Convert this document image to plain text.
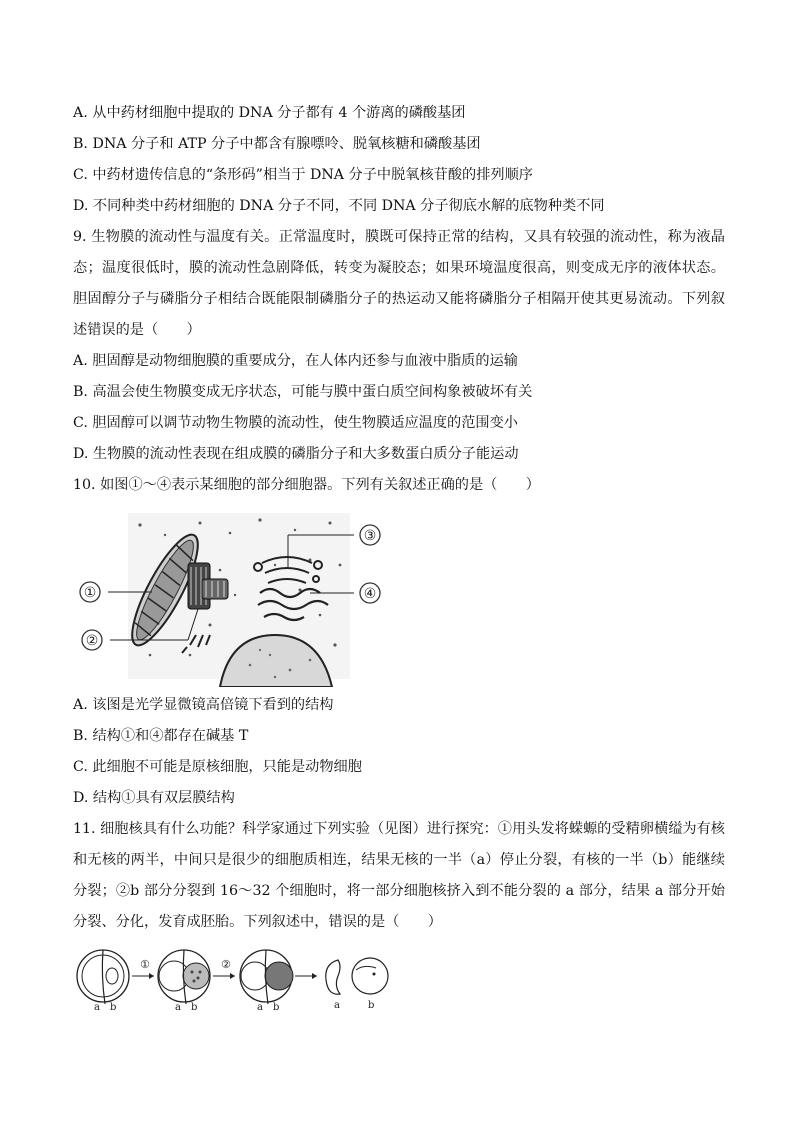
A. 从中药材细胞中提取的 DNA 分子都有 4 个游离的磷酸基团
B. DNA 分子和 ATP 分子中都含有腺嘌呤、脱氧核糖和磷酸基团
C. 中药材遗传信息的“条形码”相当于 DNA 分子中脱氧核苷酸的排列顺序
D. 不同种类中药材细胞的 DNA 分子不同，不同 DNA 分子彻底水解的底物种类不同
9. 生物膜的流动性与温度有关。正常温度时，膜既可保持正常的结构，又具有较强的流动性，称为液晶态；温度很低时，膜的流动性急剧降低，转变为凝胶态；如果环境温度很高，则变成无序的液体状态。胆固醇分子与磷脂分子相结合既能限制磷脂分子的热运动又能将磷脂分子相隔开使其更易流动。下列叙述错误的是（　　）
A. 胆固醇是动物细胞膜的重要成分，在人体内还参与血液中脂质的运输
B. 高温会使生物膜变成无序状态，可能与膜中蛋白质空间构象被破坏有关
C. 胆固醇可以调节动物生物膜的流动性，使生物膜适应温度的范围变小
D. 生物膜的流动性表现在组成膜的磷脂分子和大多数蛋白质分子能运动
10. 如图①～④表示某细胞的部分细胞器。下列有关叙述正确的是（　　）
①
②
③
④
A. 该图是光学显微镜高倍镜下看到的结构
B. 结构①和④都存在碱基 T
C. 此细胞不可能是原核细胞，只能是动物细胞
D. 结构①具有双层膜结构
11. 细胞核具有什么功能？科学家通过下列实验（见图）进行探究：①用头发将蝾螈的受精卵横缢为有核和无核的两半，中间只是很少的细胞质相连，结果无核的一半（a）停止分裂，有核的一半（b）能继续分裂；②b 部分分裂到 16～32 个细胞时，将一部分细胞核挤入到不能分裂的 a 部分，结果 a 部分开始分裂、分化，发育成胚胎。下列叙述中，错误的是（　　）
①	②
a b	a b	a b	a	b
